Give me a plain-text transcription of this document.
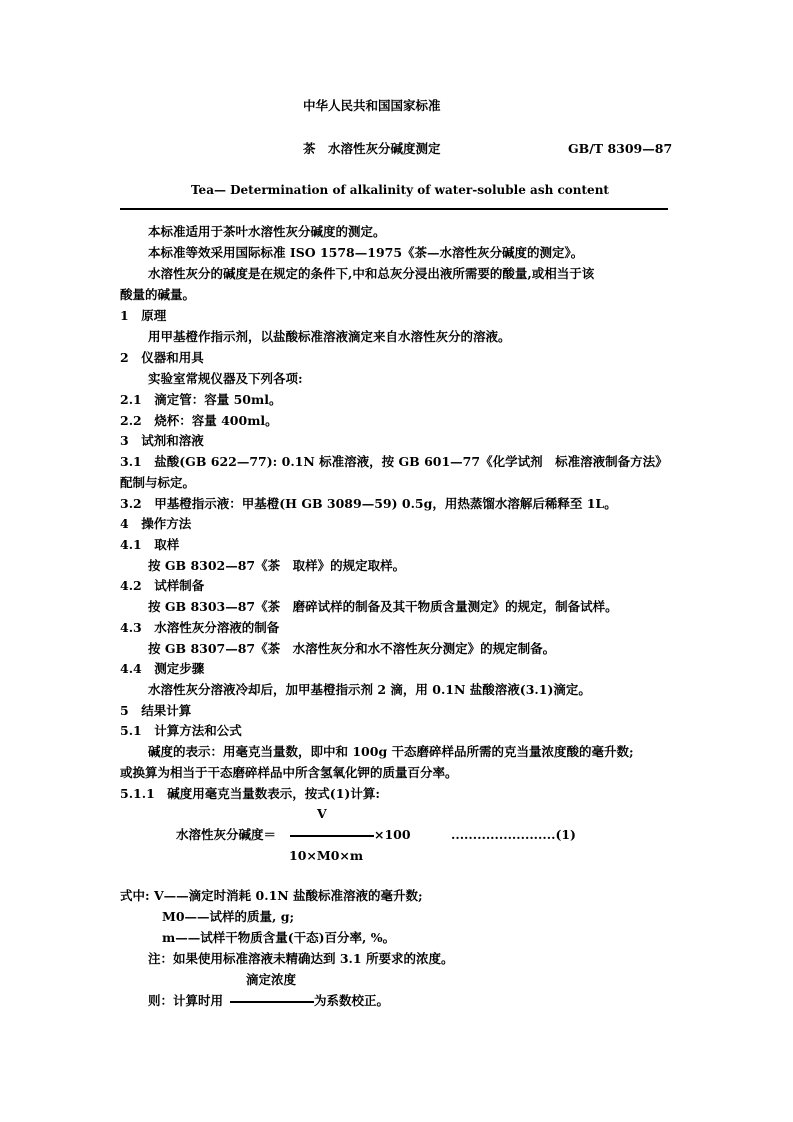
中华人民共和国国家标准
茶　水溶性灰分碱度测定	GB/T 8309—87
Tea— Determination of alkalinity of water-soluble ash content
本标准适用于茶叶水溶性灰分碱度的测定。
本标准等效采用国际标准 ISO 1578—1975《茶—水溶性灰分碱度的测定》。
水溶性灰分的碱度是在规定的条件下,中和总灰分浸出液所需要的酸量,或相当于该
酸量的碱量。
1　原理
用甲基橙作指示剂，以盐酸标准溶液滴定来自水溶性灰分的溶液。
2　仪器和用具
实验室常规仪器及下列各项:
2.1　滴定管：容量 50ml。
2.2　烧杯：容量 400ml。
3　试剂和溶液
3.1　盐酸(GB 622—77): 0.1N 标准溶液，按 GB 601—77《化学试剂　标准溶液制备方法》
配制与标定。
3.2　甲基橙指示液：甲基橙(H GB 3089—59) 0.5g，用热蒸馏水溶解后稀释至 1L。
4　操作方法
4.1　取样
按 GB 8302—87《茶　取样》的规定取样。
4.2　试样制备
按 GB 8303—87《茶　磨碎试样的制备及其干物质含量测定》的规定，制备试样。
4.3　水溶性灰分溶液的制备
按 GB 8307—87《茶　水溶性灰分和水不溶性灰分测定》的规定制备。
4.4　测定步骤
水溶性灰分溶液冷却后，加甲基橙指示剂 2 滴，用 0.1N 盐酸溶液(3.1)滴定。
5　结果计算
5.1　计算方法和公式
碱度的表示：用毫克当量数，即中和 100g 干态磨碎样品所需的克当量浓度酸的毫升数;
或换算为相当于干态磨碎样品中所含氢氧化钾的质量百分率。
5.1.1　碱度用毫克当量数表示，按式(1)计算:
V
水溶性灰分碱度＝	×100	........................(1)
10×M0×m
式中: V——滴定时消耗 0.1N 盐酸标准溶液的毫升数;
M0——试样的质量, g;
m——试样干物质含量(干态)百分率, %。
注：如果使用标准溶液未精确达到 3.1 所要求的浓度。
滴定浓度
则：计算时用	为系数校正。
